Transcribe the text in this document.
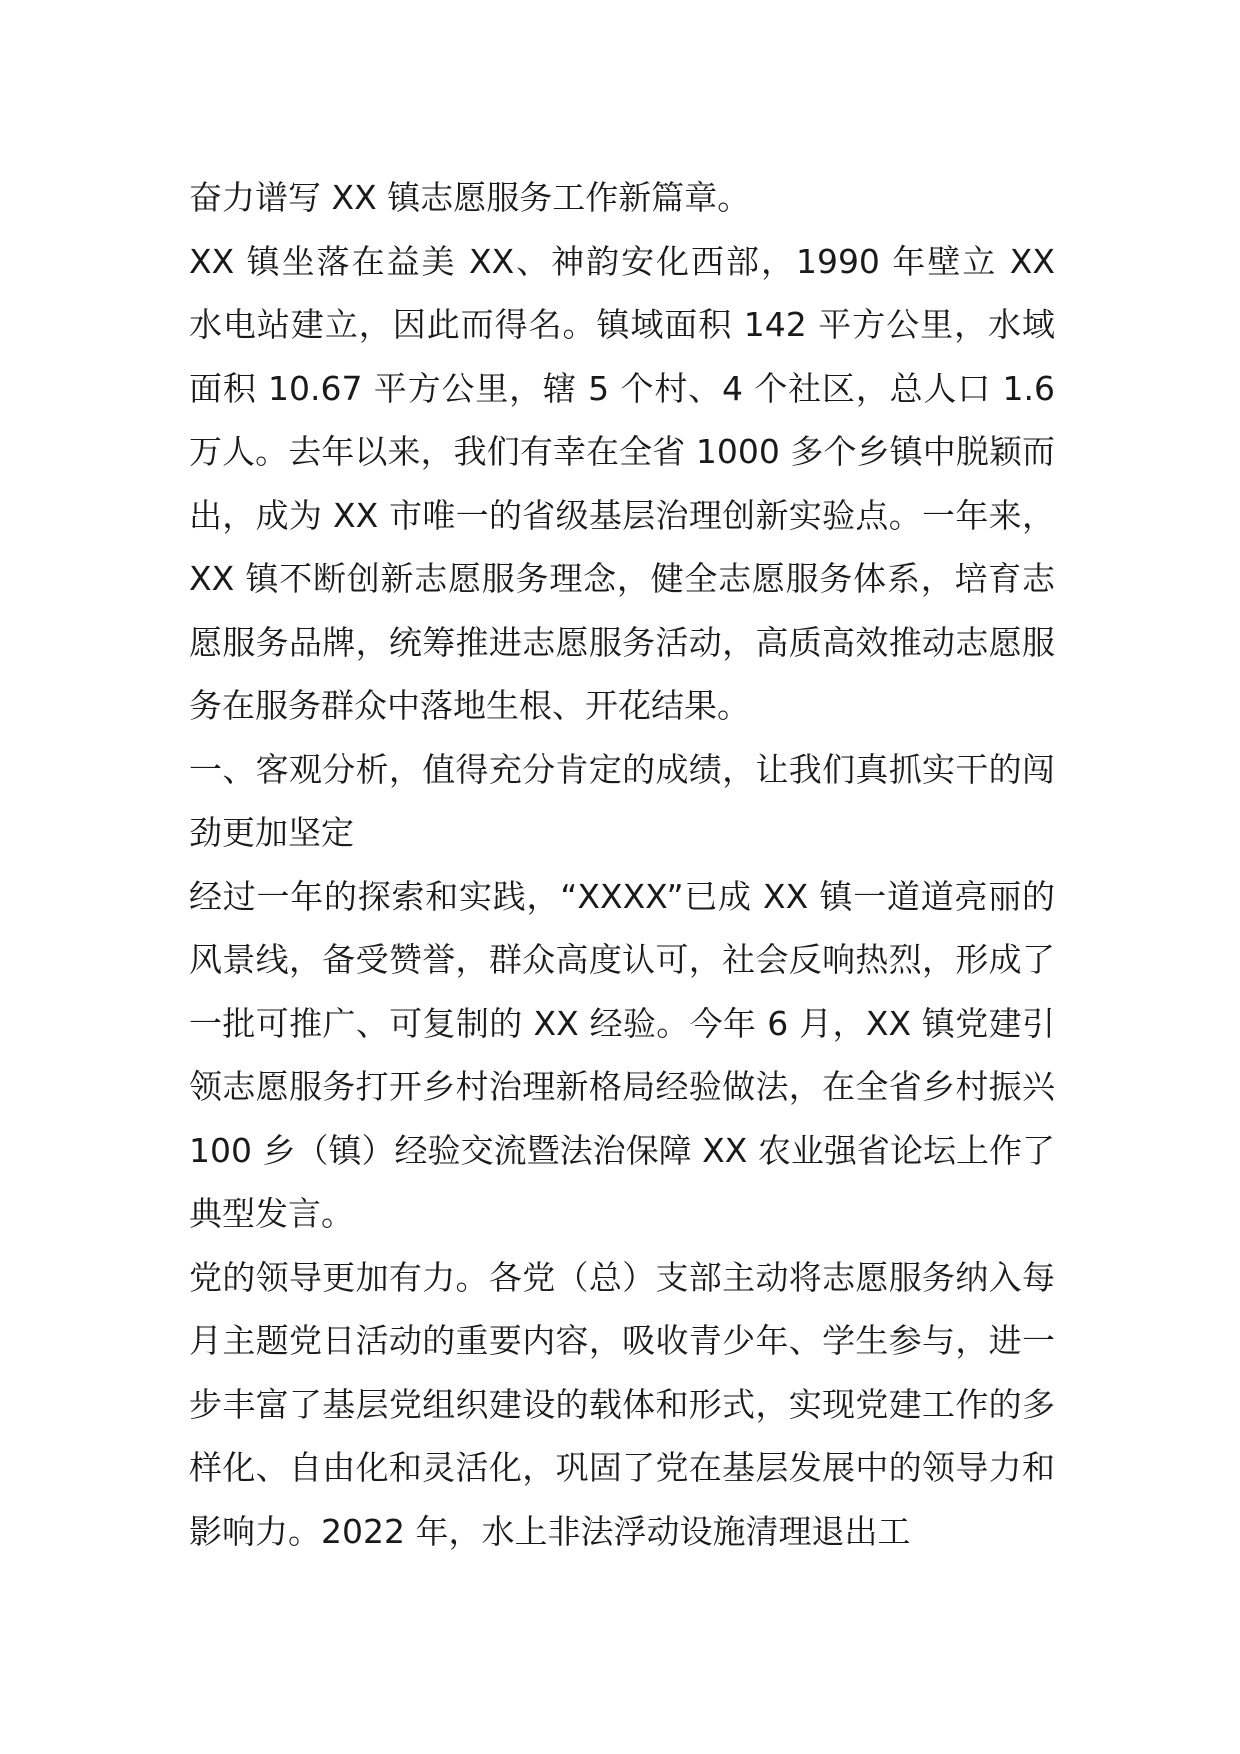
奋力谱写 XX 镇志愿服务工作新篇章。

XX 镇坐落在益美 XX、神韵安化西部，1990 年壁立 XX 水电站建立，因此而得名。镇域面积 142 平方公里，水域面积 10.67 平方公里，辖 5 个村、4 个社区，总人口 1.6 万人。去年以来，我们有幸在全省 1000 多个乡镇中脱颖而出，成为 XX 市唯一的省级基层治理创新实验点。一年来，XX 镇不断创新志愿服务理念，健全志愿服务体系，培育志愿服务品牌，统筹推进志愿服务活动，高质高效推动志愿服务在服务群众中落地生根、开花结果。

一、客观分析，值得充分肯定的成绩，让我们真抓实干的闯劲更加坚定

经过一年的探索和实践，“XXXX”已成 XX 镇一道道亮丽的风景线，备受赞誉，群众高度认可，社会反响热烈，形成了一批可推广、可复制的 XX 经验。今年 6 月，XX 镇党建引领志愿服务打开乡村治理新格局经验做法，在全省乡村振兴 100 乡（镇）经验交流暨法治保障 XX 农业强省论坛上作了典型发言。

党的领导更加有力。各党（总）支部主动将志愿服务纳入每月主题党日活动的重要内容，吸收青少年、学生参与，进一步丰富了基层党组织建设的载体和形式，实现党建工作的多样化、自由化和灵活化，巩固了党在基层发展中的领导力和影响力。2022 年，水上非法浮动设施清理退出工
